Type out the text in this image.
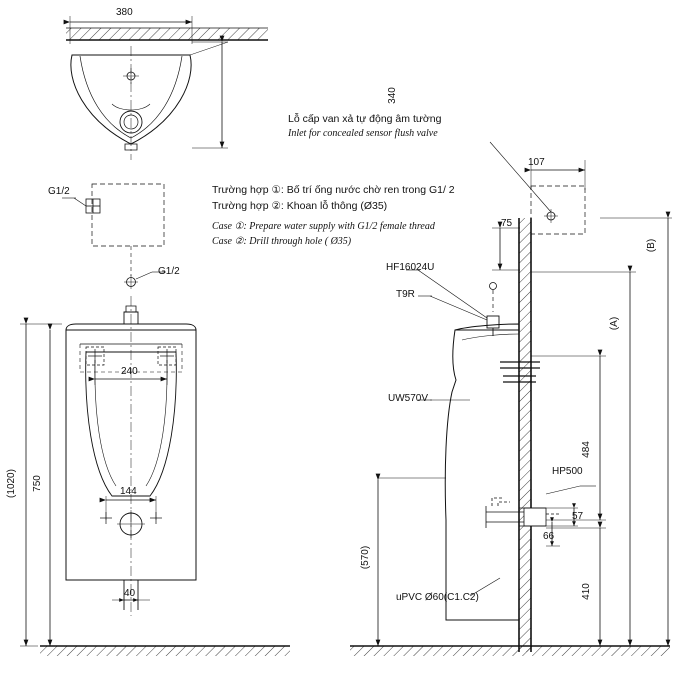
380
340
G1/2
G1/2
(1020) 750
240
144
40
Lỗ cấp van xả tự động âm tường
Inlet for concealed sensor flush valve
Trường hợp ①: Bố trí ống nước chờ ren trong G1/ 2
Trường hợp ②: Khoan lỗ thông (Ø35)
Case ①: Prepare water supply with G1/2 female thread
Case ②: Drill through hole ( Ø35)
107
75
HF16024U
T9R
UW570V
HP500
uPVC Ø60(C1.C2)
(B)
(A)
484
410
57
66
(570)
